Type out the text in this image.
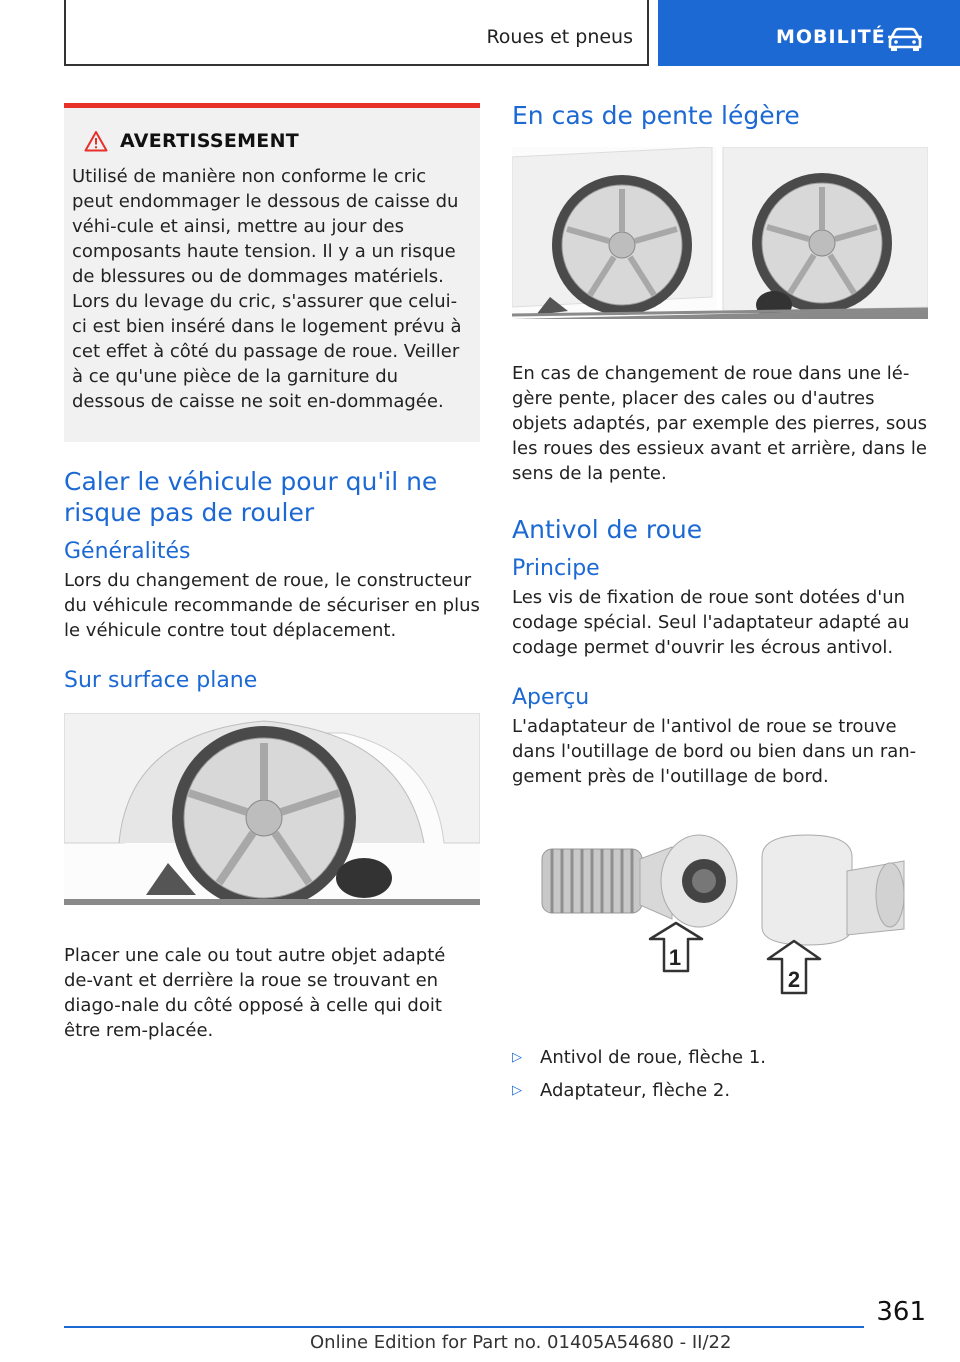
Roues et pneus	MOBILITÉ
AVERTISSEMENT

Utilisé de manière non conforme le cric peut endommager le dessous de caisse du véhi-cule et ainsi, mettre au jour des composants haute tension. Il y a un risque de blessures ou de dommages matériels. Lors du levage du cric, s'assurer que celui-ci est bien inséré dans le logement prévu à cet effet à côté du passage de roue. Veiller à ce qu'une pièce de la garniture du dessous de caisse ne soit en-dommagée.

Caler le véhicule pour qu'il ne risque pas de rouler
Généralités

Lors du changement de roue, le constructeur du véhicule recommande de sécuriser en plus le véhicule contre tout déplacement.

Sur surface plane

Placer une cale ou tout autre objet adapté de-vant et derrière la roue se trouvant en diago-nale du côté opposé à celle qui doit être rem-placée.

En cas de pente légère

En cas de changement de roue dans une lé-gère pente, placer des cales ou d'autres objets adaptés, par exemple des pierres, sous les roues des essieux avant et arrière, dans le sens de la pente.

Antivol de roue
Principe

Les vis de fixation de roue sont dotées d'un codage spécial. Seul l'adaptateur adapté au codage permet d'ouvrir les écrous antivol.

Aperçu

L'adaptateur de l'antivol de roue se trouve dans l'outillage de bord ou bien dans un ran-gement près de l'outillage de bord.

1
2
▷ Antivol de roue, flèche 1.
▷ Adaptateur, flèche 2.
361
Online Edition for Part no. 01405A54680 - II/22
